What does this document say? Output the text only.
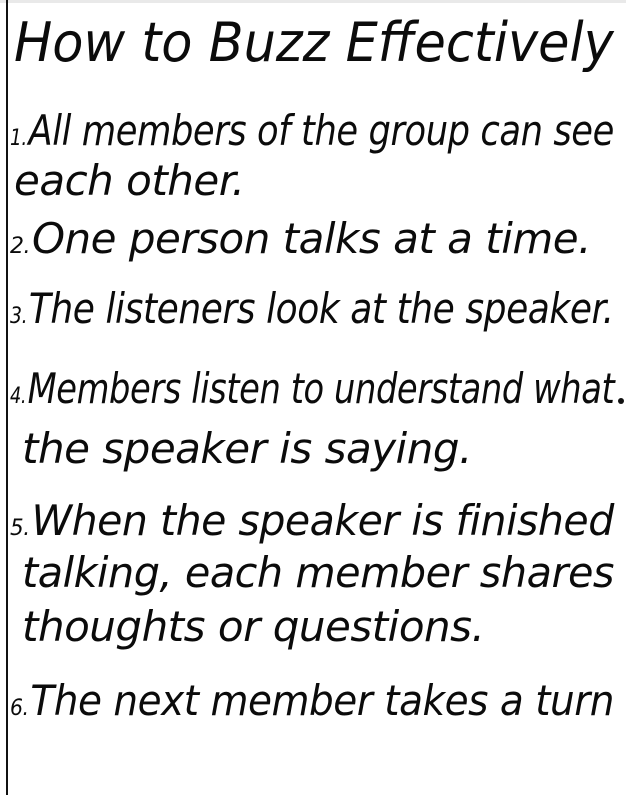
How to Buzz Effectively
1.All members of the group can see
each other.
2.One person talks at a time.
3.The listeners look at the speaker.
4.Members listen to understand what
the speaker is saying.
5.When the speaker is finished
talking, each member shares
thoughts or questions.
6.The next member takes a turn
